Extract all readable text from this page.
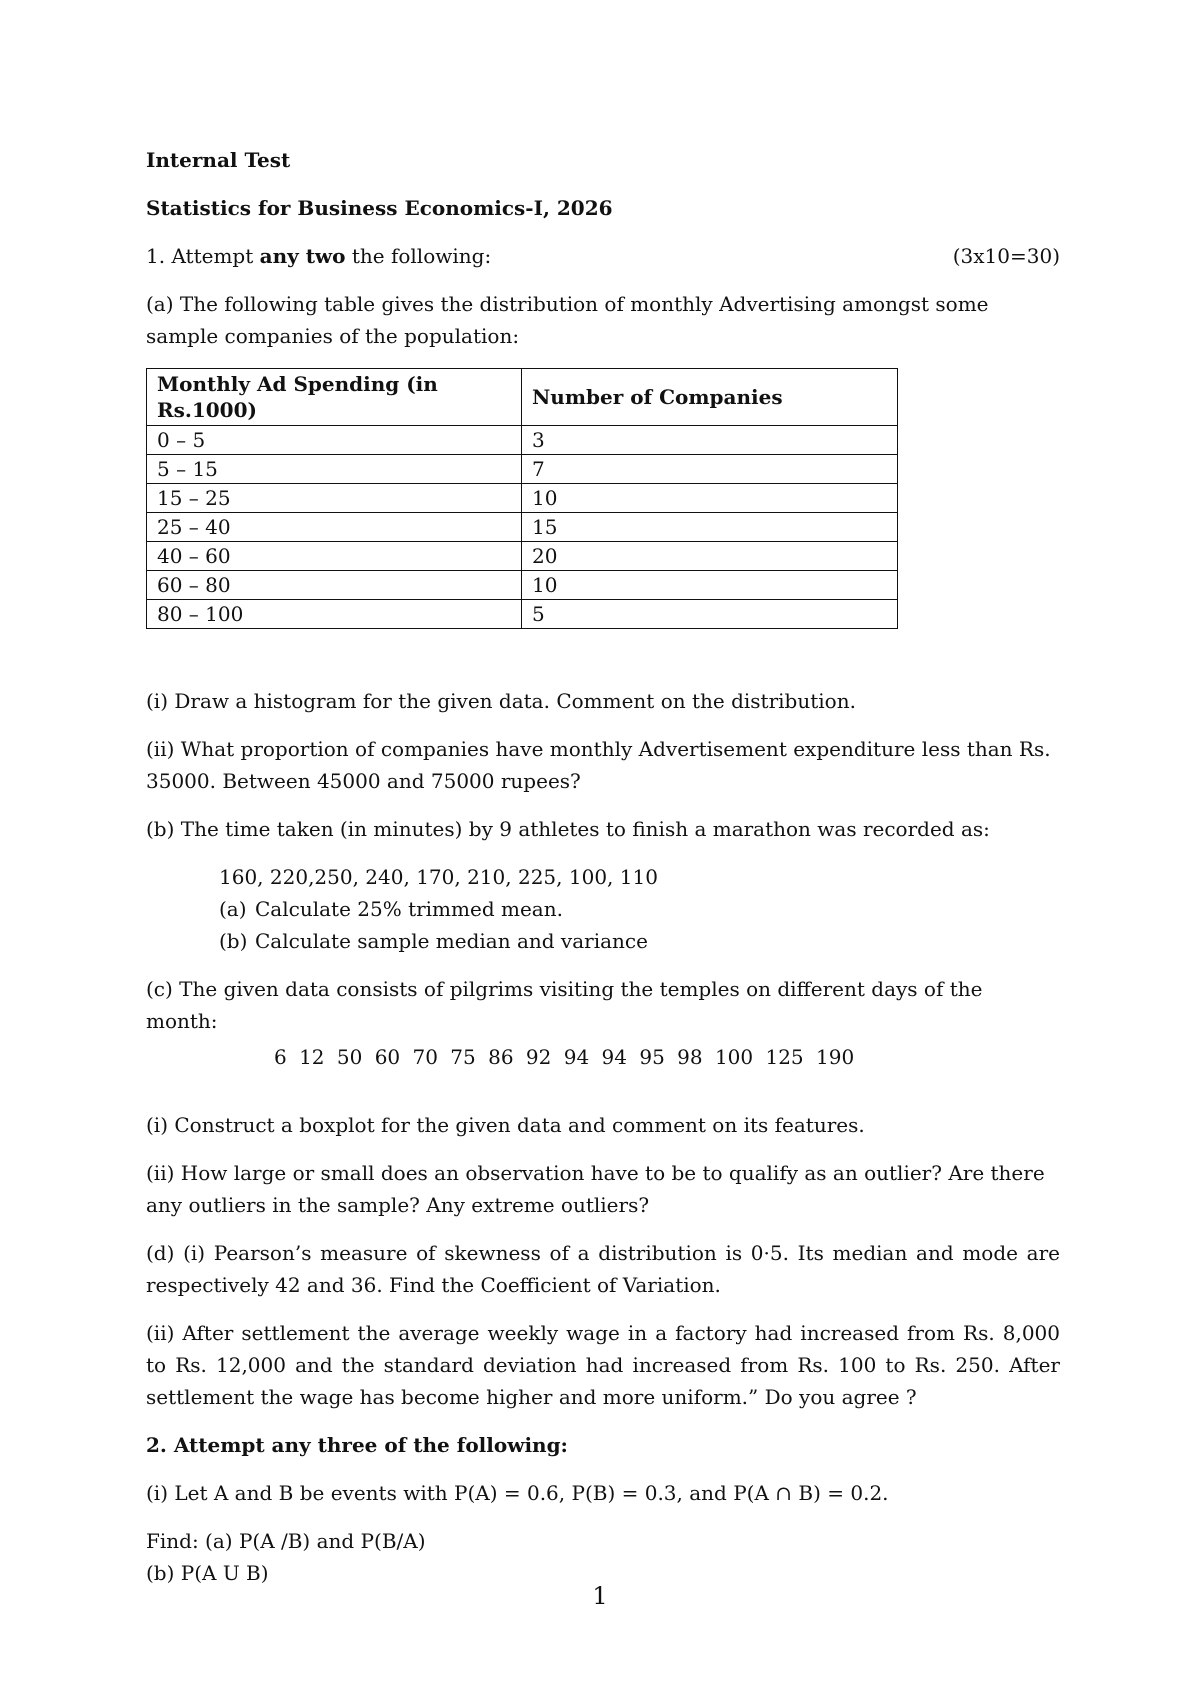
Internal Test
Statistics for Business Economics-I, 2026
1. Attempt any two the following:	(3x10=30)

(a) The following table gives the distribution of monthly Advertising amongst some sample companies of the population:

Monthly Ad Spending (in Rs.1000)	Number of Companies
0 – 5	3
5 – 15	7
15 – 25	10
25 – 40	15
40 – 60	20
60 – 80	10
80 – 100	5

(i) Draw a histogram for the given data. Comment on the distribution.

(ii) What proportion of companies have monthly Advertisement expenditure less than Rs. 35000. Between 45000 and 75000 rupees?

(b) The time taken (in minutes) by 9 athletes to finish a marathon was recorded as:

160, 220,250, 240, 170, 210, 225, 100, 110
(a) Calculate 25% trimmed mean.
(b) Calculate sample median and variance

(c) The given data consists of pilgrims visiting the temples on different days of the month:

6 12 50 60 70 75 86 92 94 94 95 98 100 125 190

(i) Construct a boxplot for the given data and comment on its features.

(ii) How large or small does an observation have to be to qualify as an outlier? Are there any outliers in the sample? Any extreme outliers?

(d) (i) Pearson’s measure of skewness of a distribution is 0·5. Its median and mode are respectively 42 and 36. Find the Coefficient of Variation.

(ii) After settlement the average weekly wage in a factory had increased from Rs. 8,000 to Rs. 12,000 and the standard deviation had increased from Rs. 100 to Rs. 250. After settlement the wage has become higher and more uniform.” Do you agree ?

2. Attempt any three of the following:

(i) Let A and B be events with P(A) = 0.6, P(B) = 0.3, and P(A ∩ B) = 0.2.

Find: (a) P(A /B) and P(B/A)
(b) P(A U B)
1
